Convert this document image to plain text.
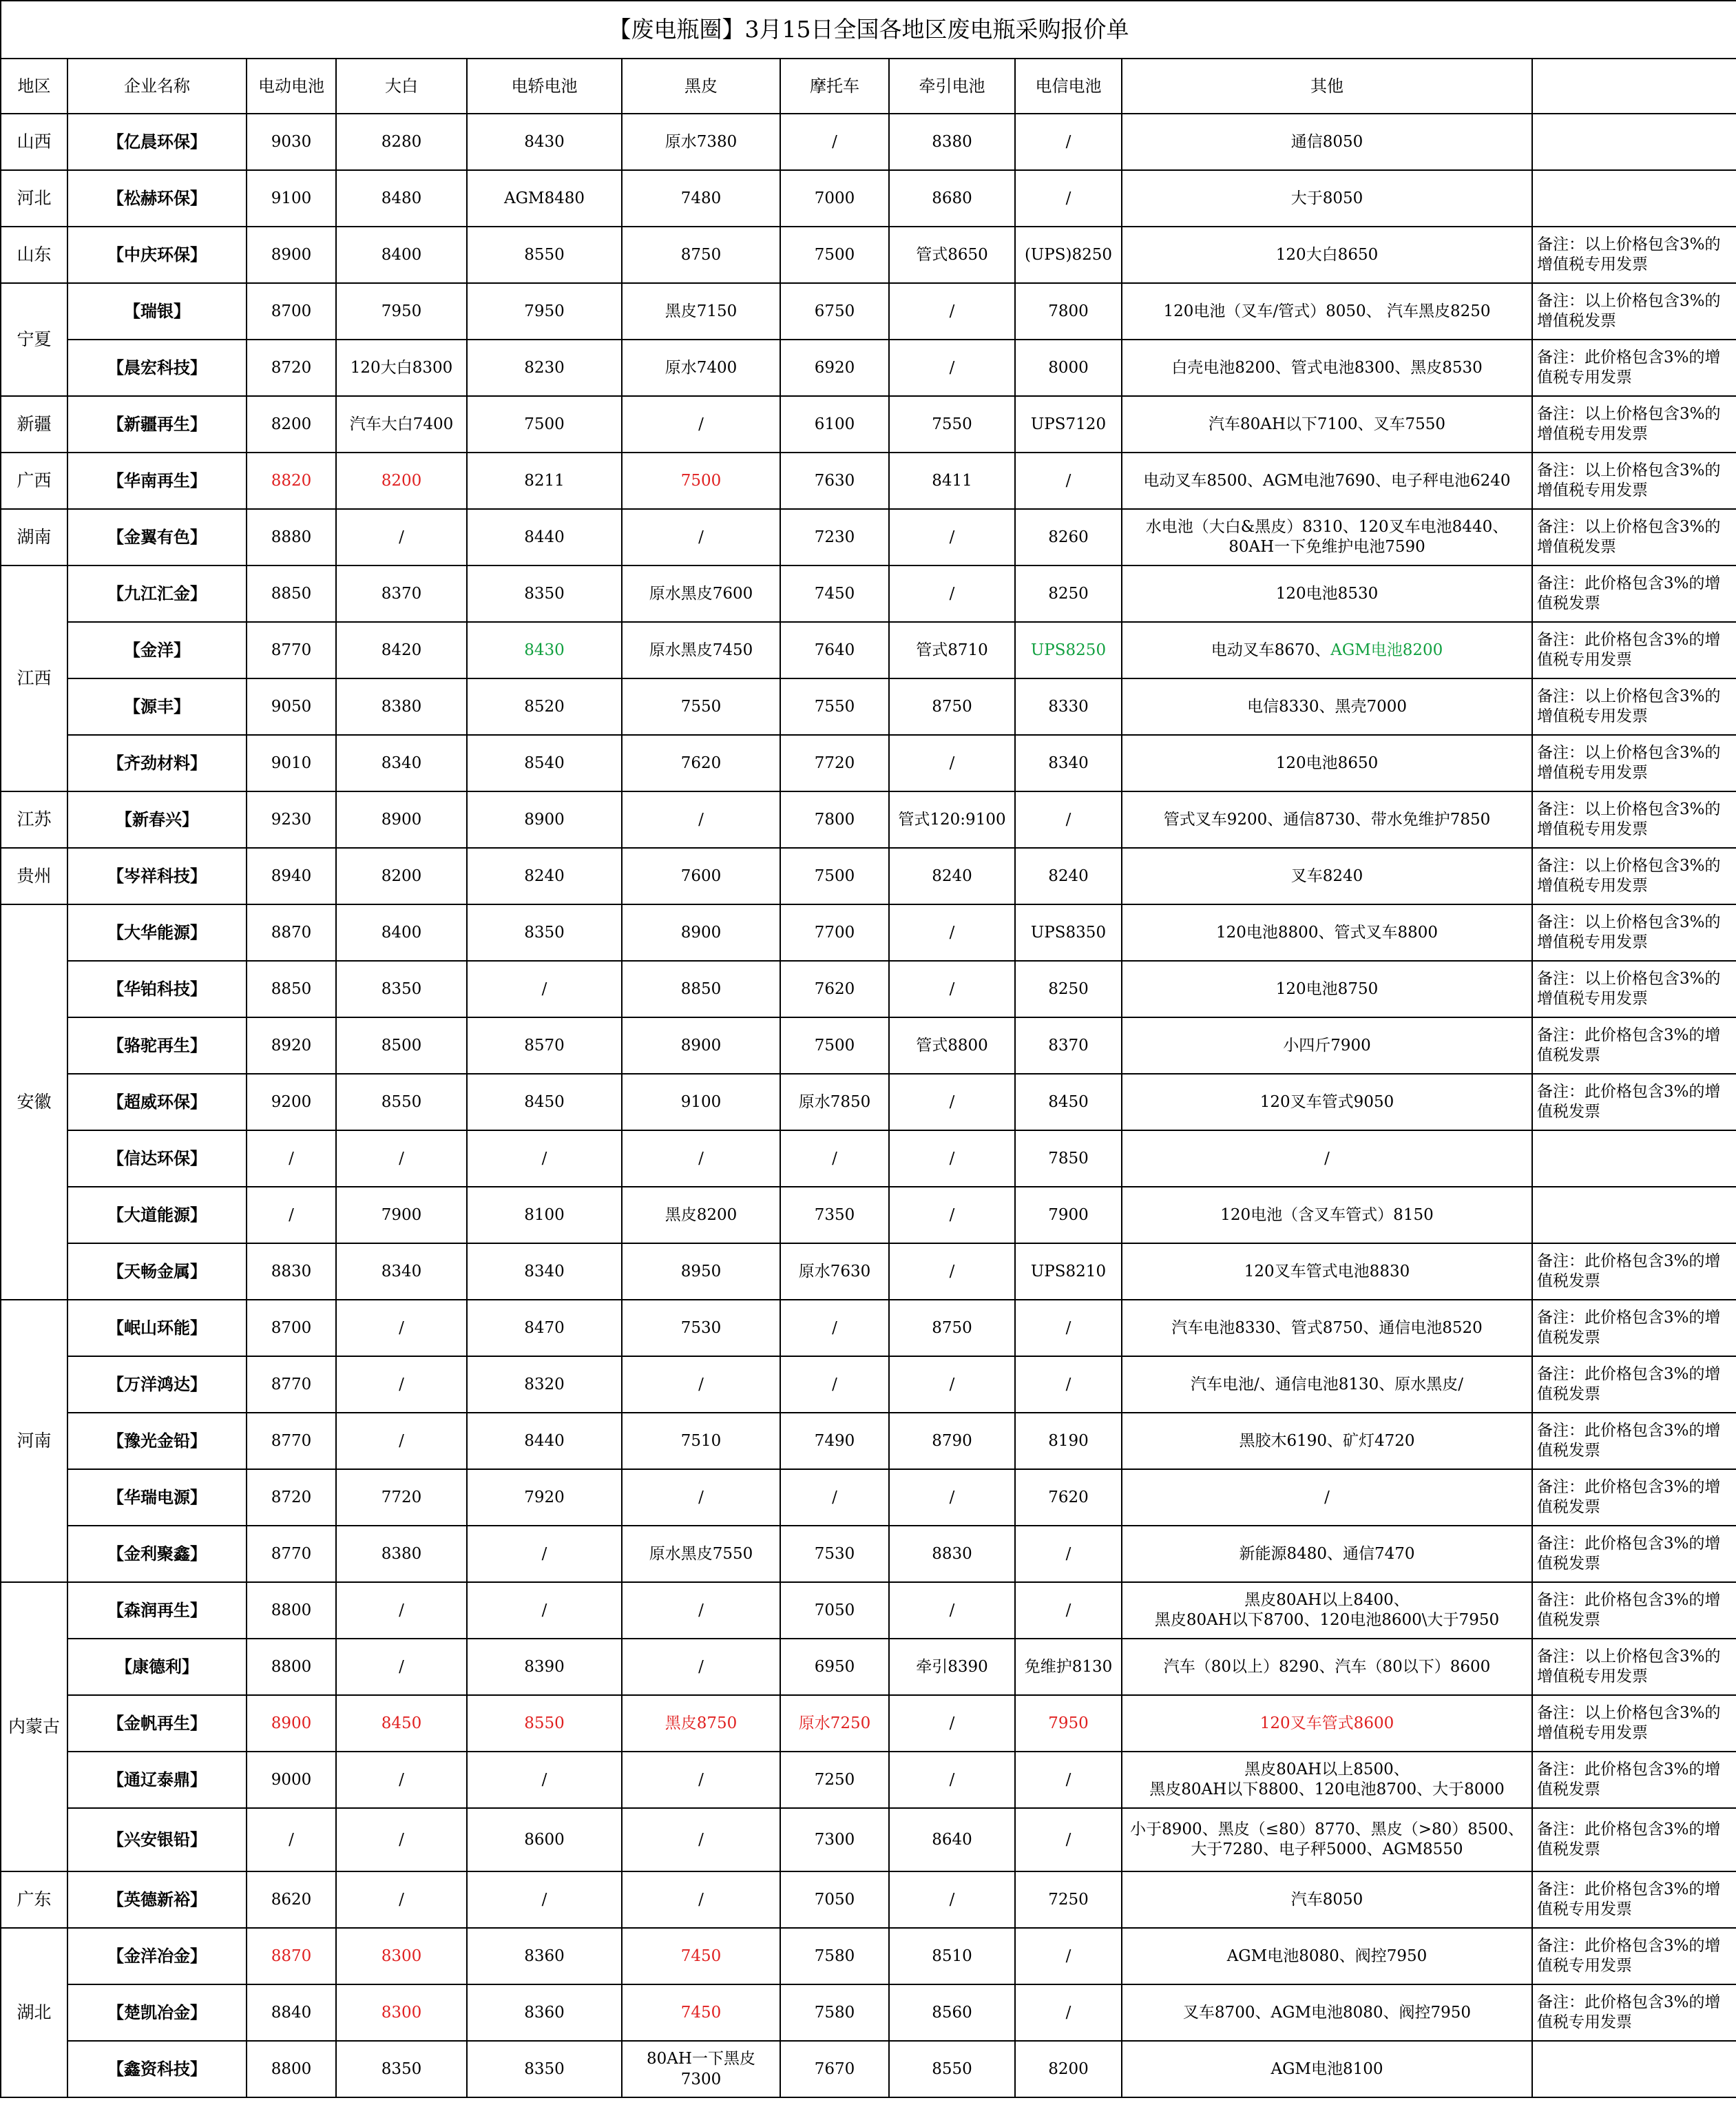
【废电瓶圈】3月15日全国各地区废电瓶采购报价单										
地区	企业名称	电动电池	大白	电轿电池	黑皮	摩托车	牵引电池	电信电池	其他	
山西	【亿晨环保】	9030	8280	8430	原水7380	/	8380	/	通信8050	
河北	【松赫环保】	9100	8480	AGM8480	7480	7000	8680	/	大于8050	
山东	【中庆环保】	8900	8400	8550	8750	7500	管式8650	(UPS)8250	120大白8650	备注：以上价格包含3%的增值税专用发票
宁夏	【瑞银】	8700	7950	7950	黑皮7150	6750	/	7800	120电池（叉车/管式）8050、 汽车黑皮8250	备注：以上价格包含3%的增值税发票
	【晨宏科技】	8720	120大白8300	8230	原水7400	6920	/	8000	白壳电池8200、管式电池8300、黑皮8530	备注：此价格包含3%的增值税专用发票
新疆	【新疆再生】	8200	汽车大白7400	7500	/	6100	7550	UPS7120	汽车80AH以下7100、叉车7550	备注：以上价格包含3%的增值税专用发票
广西	【华南再生】	8820	8200	8211	7500	7630	8411	/	电动叉车8500、AGM电池7690、电子秤电池6240	备注：以上价格包含3%的增值税专用发票
湖南	【金翼有色】	8880	/	8440	/	7230	/	8260	水电池（大白&黑皮）8310、120叉车电池8440、80AH一下免维护电池7590	备注：以上价格包含3%的增值税发票
江西	【九江汇金】	8850	8370	8350	原水黑皮7600	7450	/	8250	120电池8530	备注：此价格包含3%的增值税发票
	【金洋】	8770	8420	8430	原水黑皮7450	7640	管式8710	UPS8250	电动叉车8670、AGM电池8200	备注：此价格包含3%的增值税专用发票
	【源丰】	9050	8380	8520	7550	7550	8750	8330	电信8330、黑壳7000	备注：以上价格包含3%的增值税专用发票
	【齐劲材料】	9010	8340	8540	7620	7720	/	8340	120电池8650	备注：以上价格包含3%的增值税专用发票
江苏	【新春兴】	9230	8900	8900	/	7800	管式120:9100	/	管式叉车9200、通信8730、带水免维护7850	备注：以上价格包含3%的增值税专用发票
贵州	【岑祥科技】	8940	8200	8240	7600	7500	8240	8240	叉车8240	备注：以上价格包含3%的增值税专用发票
安徽	【大华能源】	8870	8400	8350	8900	7700	/	UPS8350	120电池8800、管式叉车8800	备注：以上价格包含3%的增值税专用发票
	【华铂科技】	8850	8350	/	8850	7620	/	8250	120电池8750	备注：以上价格包含3%的增值税专用发票
	【骆驼再生】	8920	8500	8570	8900	7500	管式8800	8370	小四斤7900	备注：此价格包含3%的增值税发票
	【超威环保】	9200	8550	8450	9100	原水7850	/	8450	120叉车管式9050	备注：此价格包含3%的增值税发票
	【信达环保】	/	/	/	/	/	/	7850	/	
	【大道能源】	/	7900	8100	黑皮8200	7350	/	7900	120电池（含叉车管式）8150	
	【天畅金属】	8830	8340	8340	8950	原水7630	/	UPS8210	120叉车管式电池8830	备注：此价格包含3%的增值税发票
河南	【岷山环能】	8700	/	8470	7530	/	8750	/	汽车电池8330、管式8750、通信电池8520	备注：此价格包含3%的增值税发票
	【万洋鸿达】	8770	/	8320	/	/	/	/	汽车电池/、通信电池8130、原水黑皮/	备注：此价格包含3%的增值税发票
	【豫光金铅】	8770	/	8440	7510	7490	8790	8190	黑胶木6190、矿灯4720	备注：此价格包含3%的增值税发票
	【华瑞电源】	8720	7720	7920	/	/	/	7620	/	备注：此价格包含3%的增值税发票
	【金利聚鑫】	8770	8380	/	原水黑皮7550	7530	8830	/	新能源8480、通信7470	备注：此价格包含3%的增值税发票
内蒙古	【森润再生】	8800	/	/	/	7050	/	/	黑皮80AH以上8400、
黑皮80AH以下8700、120电池8600\大于7950	备注：此价格包含3%的增值税发票
	【康德利】	8800	/	8390	/	6950	牵引8390	免维护8130	汽车（80以上）8290、汽车（80以下）8600	备注：以上价格包含3%的增值税专用发票
	【金帆再生】	8900	8450	8550	黑皮8750	原水7250	/	7950	120叉车管式8600	备注：以上价格包含3%的增值税专用发票
	【通辽泰鼎】	9000	/	/	/	7250	/	/	黑皮80AH以上8500、
黑皮80AH以下8800、120电池8700、大于8000	备注：此价格包含3%的增值税发票
	【兴安银铅】	/	/	8600	/	7300	8640	/	小于8900、黑皮（≤80）8770、黑皮（>80）8500、
大于7280、电子秤5000、AGM8550	备注：此价格包含3%的增值税发票
广东	【英德新裕】	8620	/	/	/	7050	/	7250	汽车8050	备注：此价格包含3%的增值税专用发票
湖北	【金洋冶金】	8870	8300	8360	7450	7580	8510	/	AGM电池8080、阀控7950	备注：此价格包含3%的增值税专用发票
	【楚凯冶金】	8840	8300	8360	7450	7580	8560	/	叉车8700、AGM电池8080、阀控7950	备注：此价格包含3%的增值税专用发票
	【鑫资科技】	8800	8350	8350	80AH一下黑皮7300	7670	8550	8200	AGM电池8100	
